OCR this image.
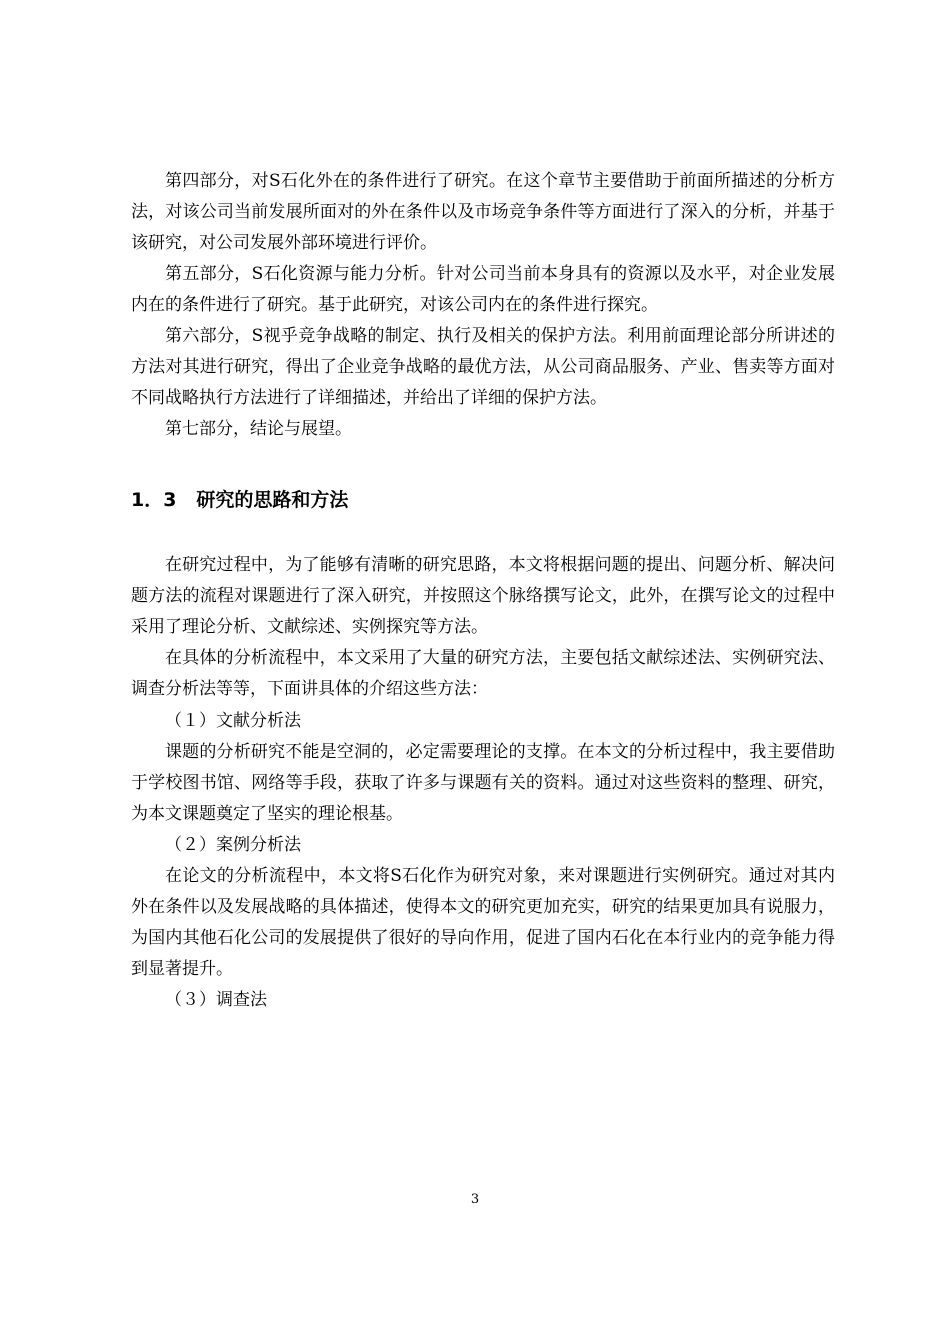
第四部分，对S石化外在的条件进行了研究。在这个章节主要借助于前面所描述的分析方法，对该公司当前发展所面对的外在条件以及市场竞争条件等方面进行了深入的分析，并基于该研究，对公司发展外部环境进行评价。

第五部分，S石化资源与能力分析。针对公司当前本身具有的资源以及水平，对企业发展内在的条件进行了研究。基于此研究，对该公司内在的条件进行探究。

第六部分，S视乎竞争战略的制定、执行及相关的保护方法。利用前面理论部分所讲述的方法对其进行研究，得出了企业竞争战略的最优方法，从公司商品服务、产业、售卖等方面对不同战略执行方法进行了详细描述，并给出了详细的保护方法。

第七部分，结论与展望。

1．3 研究的思路和方法

在研究过程中，为了能够有清晰的研究思路，本文将根据问题的提出、问题分析、解决问题方法的流程对课题进行了深入研究，并按照这个脉络撰写论文，此外，在撰写论文的过程中采用了理论分析、文献综述、实例探究等方法。

在具体的分析流程中，本文采用了大量的研究方法，主要包括文献综述法、实例研究法、调查分析法等等，下面讲具体的介绍这些方法：

（１）文献分析法

课题的分析研究不能是空洞的，必定需要理论的支撑。在本文的分析过程中，我主要借助于学校图书馆、网络等手段，获取了许多与课题有关的资料。通过对这些资料的整理、研究，为本文课题奠定了坚实的理论根基。

（２）案例分析法

在论文的分析流程中，本文将S石化作为研究对象，来对课题进行实例研究。通过对其内外在条件以及发展战略的具体描述，使得本文的研究更加充实，研究的结果更加具有说服力，为国内其他石化公司的发展提供了很好的导向作用，促进了国内石化在本行业内的竞争能力得到显著提升。

（３）调查法

3
